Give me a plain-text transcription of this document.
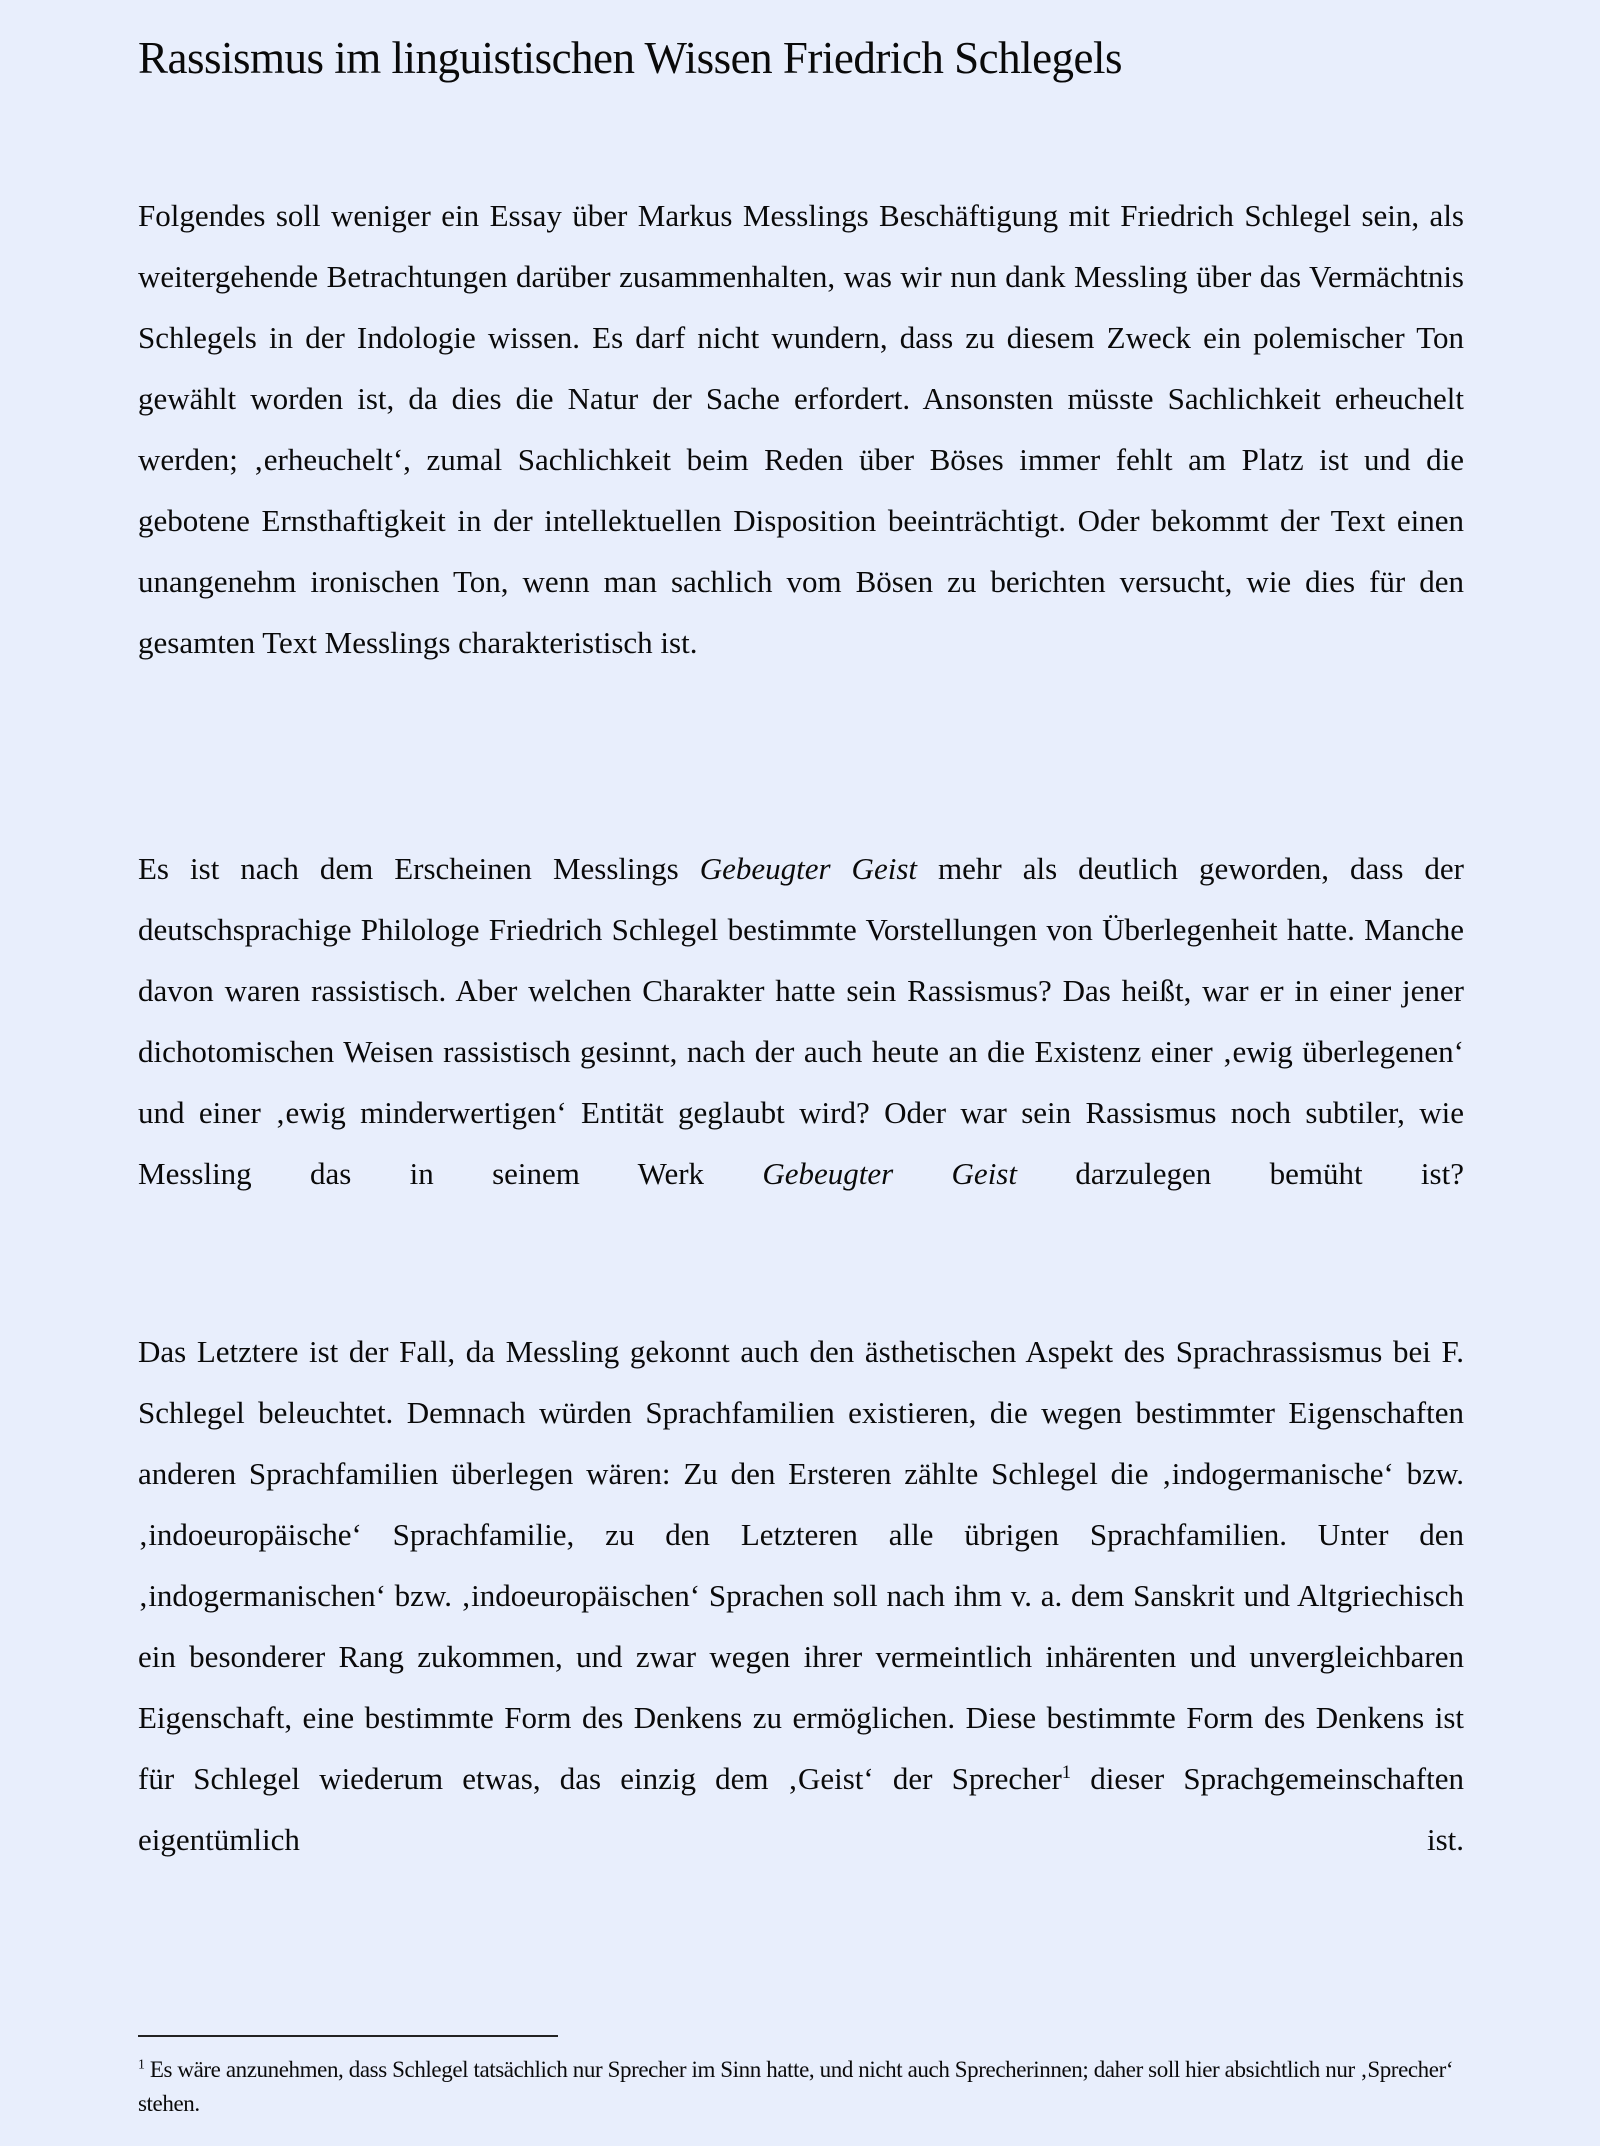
Rassismus im linguistischen Wissen Friedrich Schlegels

Folgendes soll weniger ein Essay über Markus Messlings Beschäftigung mit Friedrich Schlegel sein, als weitergehende Betrachtungen darüber zusammenhalten, was wir nun dank Messling über das Vermächtnis Schlegels in der Indologie wissen. Es darf nicht wundern, dass zu diesem Zweck ein polemischer Ton gewählt worden ist, da dies die Natur der Sache erfordert. Ansonsten müsste Sachlichkeit erheuchelt werden; ‚erheuchelt‘, zumal Sachlichkeit beim Reden über Böses immer fehlt am Platz ist und die gebotene Ernsthaftigkeit in der intellektuellen Disposition beeinträchtigt. Oder bekommt der Text einen unangenehm ironischen Ton, wenn man sachlich vom Bösen zu berichten versucht, wie dies für den gesamten Text Messlings charakteristisch ist.

Es ist nach dem Erscheinen Messlings Gebeugter Geist mehr als deutlich geworden, dass der deutschsprachige Philologe Friedrich Schlegel bestimmte Vorstellungen von Überlegenheit hatte. Manche davon waren rassistisch. Aber welchen Charakter hatte sein Rassismus? Das heißt, war er in einer jener dichotomischen Weisen rassistisch gesinnt, nach der auch heute an die Existenz einer ‚ewig überlegenen‘ und einer ‚ewig minderwertigen‘ Entität geglaubt wird? Oder war sein Rassismus noch subtiler, wie Messling das in seinem Werk Gebeugter Geist darzulegen bemüht ist?

Das Letztere ist der Fall, da Messling gekonnt auch den ästhetischen Aspekt des Sprachrassismus bei F. Schlegel beleuchtet. Demnach würden Sprachfamilien existieren, die wegen bestimmter Eigenschaften anderen Sprachfamilien überlegen wären: Zu den Ersteren zählte Schlegel die ‚indogermanische‘ bzw. ‚indoeuropäische‘ Sprachfamilie, zu den Letzteren alle übrigen Sprachfamilien. Unter den ‚indogermanischen‘ bzw. ‚indoeuropäischen‘ Sprachen soll nach ihm v. a. dem Sanskrit und Altgriechisch ein besonderer Rang zukommen, und zwar wegen ihrer vermeintlich inhärenten und unvergleichbaren Eigenschaft, eine bestimmte Form des Denkens zu ermöglichen. Diese bestimmte Form des Denkens ist für Schlegel wiederum etwas, das einzig dem ‚Geist‘ der Sprecher$^1$ dieser Sprachgemeinschaften eigentümlich ist.

$^1$ Es wäre anzunehmen, dass Schlegel tatsächlich nur Sprecher im Sinn hatte, und nicht auch Sprecherinnen; daher soll hier absichtlich nur ‚Sprecher‘ stehen.
